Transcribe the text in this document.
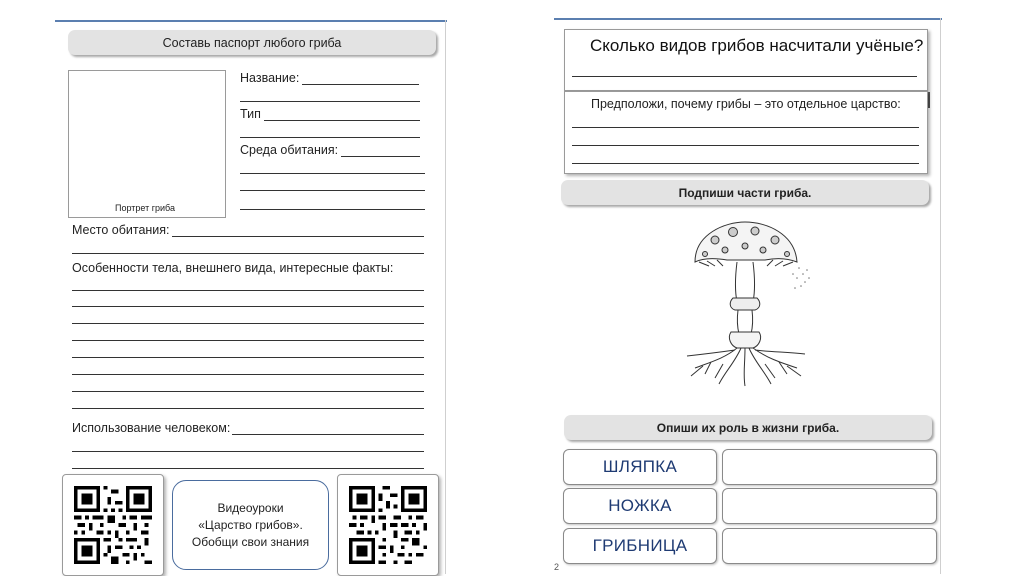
Составь паспорт любого гриба
Портрет гриба
Название:
Тип
Среда обитания:
Место обитания:
Особенности тела, внешнего вида, интересные факты:
Использование человеком:
Видеоуроки
«Царство грибов».
Обобщи свои знания
Сколько видов грибов насчитали учёные?
Предположи, почему грибы – это отдельное царство:
Подпиши части гриба.
Опиши их роль в жизни гриба.
ШЛЯПКА
НОЖКА
ГРИБНИЦА
2
